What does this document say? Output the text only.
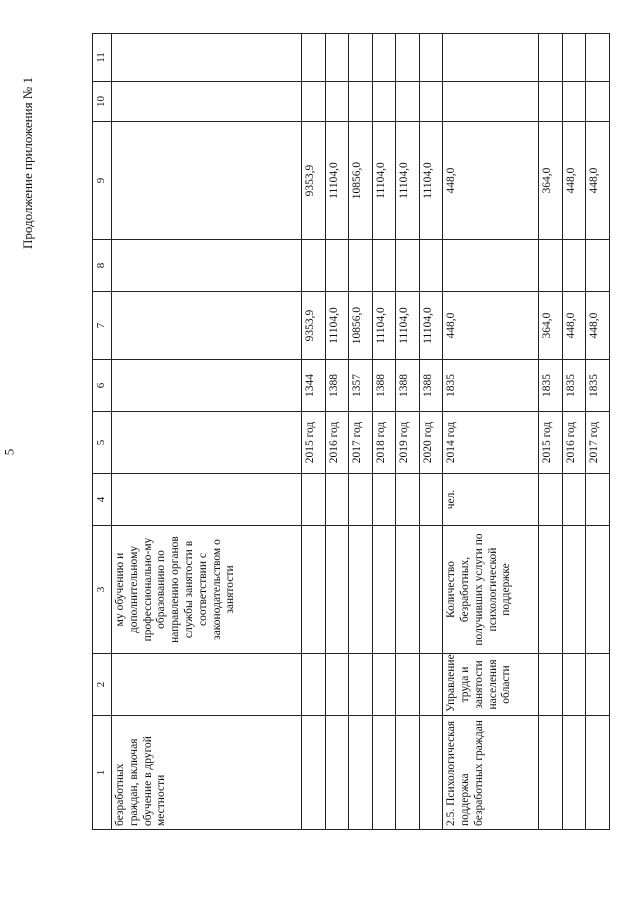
5
Продолжение приложения № 1
1	2	3	4	5	6	7	8	9	10	11
безработных граждан, включая обучение в другой местности		му обучению и дополнительному профессионально-му образованию по направлению органов службы занятости в соответствии с законодательством о занятости								
				2015 год	1344	9353,9		9353,9		
				2016 год	1388	11104,0		11104,0		
				2017 год	1357	10856,0		10856,0		
				2018 год	1388	11104,0		11104,0		
				2019 год	1388	11104,0		11104,0		
				2020 год	1388	11104,0		11104,0		
2.5. Психологическая поддержка безработных граждан	Управление труда и занятости населения области	Количество безработных, получивших услуги по психологической поддержке	чел.	2014 год	1835	448,0		448,0		
				2015 год	1835	364,0		364,0		
				2016 год	1835	448,0		448,0		
				2017 год	1835	448,0		448,0		
